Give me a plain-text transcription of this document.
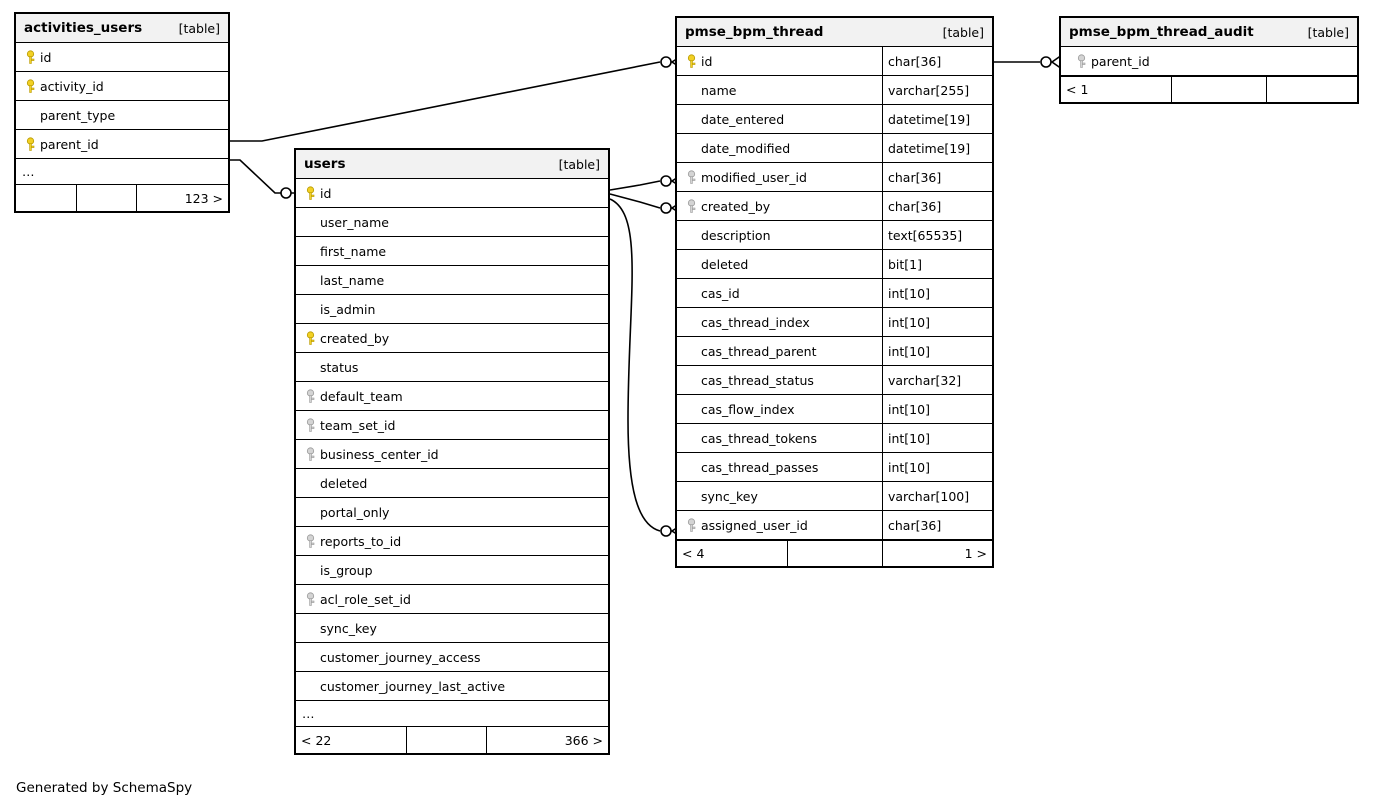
activities_users	[table]
id
activity_id
parent_type
parent_id
…
123 >
users	[table]
id
user_name
first_name
last_name
is_admin
created_by
status
default_team
team_set_id
business_center_id
deleted
portal_only
reports_to_id
is_group
acl_role_set_id
sync_key
customer_journey_access
customer_journey_last_active
…
< 22	366 >
pmse_bpm_thread	[table]
id	char[36]
name	varchar[255]
date_entered	datetime[19]
date_modified	datetime[19]
modified_user_id	char[36]
created_by	char[36]
description	text[65535]
deleted	bit[1]
cas_id	int[10]
cas_thread_index	int[10]
cas_thread_parent	int[10]
cas_thread_status	varchar[32]
cas_flow_index	int[10]
cas_thread_tokens	int[10]
cas_thread_passes	int[10]
sync_key	varchar[100]
assigned_user_id	char[36]
< 4	1 >
pmse_bpm_thread_audit	[table]
parent_id
< 1
Generated by SchemaSpy
